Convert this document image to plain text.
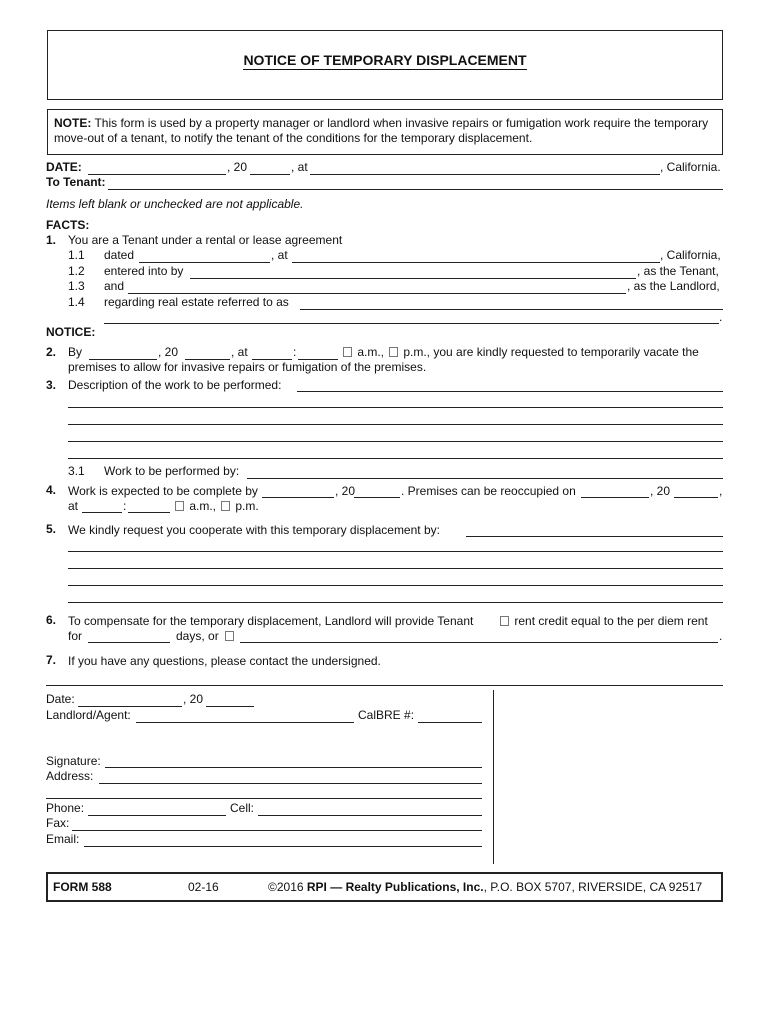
NOTICE OF TEMPORARY DISPLACEMENT
NOTE: This form is used by a property manager or landlord when invasive repairs or fumigation work require the temporary move-out of a tenant, to notify the tenant of the conditions for the temporary displacement.
DATE:	, 20	, at	, California.
To Tenant:
Items left blank or unchecked are not applicable.
FACTS:
1. You are a Tenant under a rental or lease agreement
1.1 dated	, at	, California,
1.2 entered into by	, as the Tenant,
1.3 and	, as the Landlord,
1.4 regarding real estate referred to as
.
NOTICE:
2. By	, 20	, at	:	a.m.,	p.m., you are kindly requested to temporarily vacate the
premises to allow for invasive repairs or fumigation of the premises.
3. Description of the work to be performed:
3.1 Work to be performed by:
4. Work is expected to be complete by	, 20	. Premises can be reoccupied on	, 20	,
at	:	a.m.,	p.m.
5. We kindly request you cooperate with this temporary displacement by:
6. To compensate for the temporary displacement, Landlord will provide Tenant	rent credit equal to the per diem rent
for	days, or	.
7. If you have any questions, please contact the undersigned.
Date:	, 20
Landlord/Agent:	CalBRE #:
Signature:
Address:
Phone:	Cell:
Fax:
Email:
FORM 588	02-16	©2016 RPI — Realty Publications, Inc., P.O. BOX 5707, RIVERSIDE, CA 92517
